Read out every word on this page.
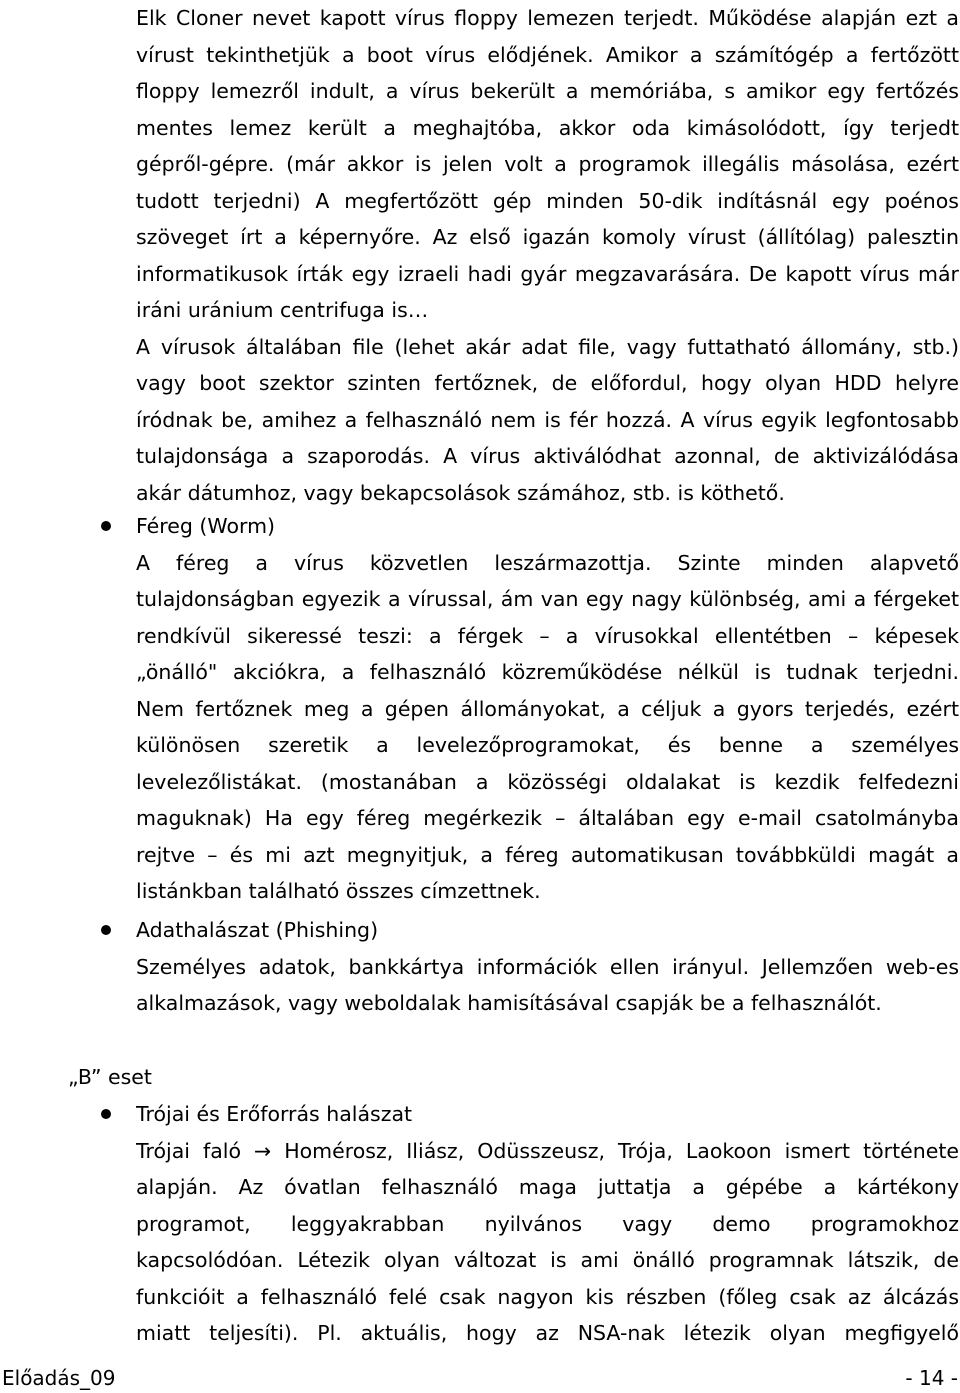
Elk Cloner nevet kapott vírus floppy lemezen terjedt. Működése alapján ezt a
vírust tekinthetjük a boot vírus elődjének. Amikor a számítógép a fertőzött
floppy lemezről indult, a vírus bekerült a memóriába, s amikor egy fertőzés
mentes lemez került a meghajtóba, akkor oda kimásolódott, így terjedt
gépről-gépre. (már akkor is jelen volt a programok illegális másolása, ezért
tudott terjedni) A megfertőzött gép minden 50-dik indításnál egy poénos
szöveget írt a képernyőre. Az első igazán komoly vírust (állítólag) palesztin
informatikusok írták egy izraeli hadi gyár megzavarására. De kapott vírus már
iráni uránium centrifuga is…
A vírusok általában file (lehet akár adat file, vagy futtatható állomány, stb.)
vagy boot szektor szinten fertőznek, de előfordul, hogy olyan HDD helyre
íródnak be, amihez a felhasználó nem is fér hozzá. A vírus egyik legfontosabb
tulajdonsága a szaporodás. A vírus aktiválódhat azonnal, de aktivizálódása
akár dátumhoz, vagy bekapcsolások számához, stb. is köthető.
Féreg (Worm)
A féreg a vírus közvetlen leszármazottja. Szinte minden alapvető
tulajdonságban egyezik a vírussal, ám van egy nagy különbség, ami a férgeket
rendkívül sikeressé teszi: a férgek – a vírusokkal ellentétben – képesek
„önálló" akciókra, a felhasználó közreműködése nélkül is tudnak terjedni.
Nem fertőznek meg a gépen állományokat, a céljuk a gyors terjedés, ezért
különösen szeretik a levelezőprogramokat, és benne a személyes
levelezőlistákat. (mostanában a közösségi oldalakat is kezdik felfedezni
maguknak) Ha egy féreg megérkezik – általában egy e-mail csatolmányba
rejtve – és mi azt megnyitjuk, a féreg automatikusan továbbküldi magát a
listánkban található összes címzettnek.
Adathalászat (Phishing)
Személyes adatok, bankkártya információk ellen irányul. Jellemzően web-es
alkalmazások, vagy weboldalak hamisításával csapják be a felhasználót.
„B” eset
Trójai és Erőforrás halászat
Trójai faló → Homérosz, Iliász, Odüsszeusz, Trója, Laokoon ismert története
alapján. Az óvatlan felhasználó maga juttatja a gépébe a kártékony
programot, leggyakrabban nyilvános vagy demo programokhoz
kapcsolódóan. Létezik olyan változat is ami önálló programnak látszik, de
funkcióit a felhasználó felé csak nagyon kis részben (főleg csak az álcázás
miatt teljesíti). Pl. aktuális, hogy az NSA-nak létezik olyan megfigyelő
Előadás_09	- 14 -
